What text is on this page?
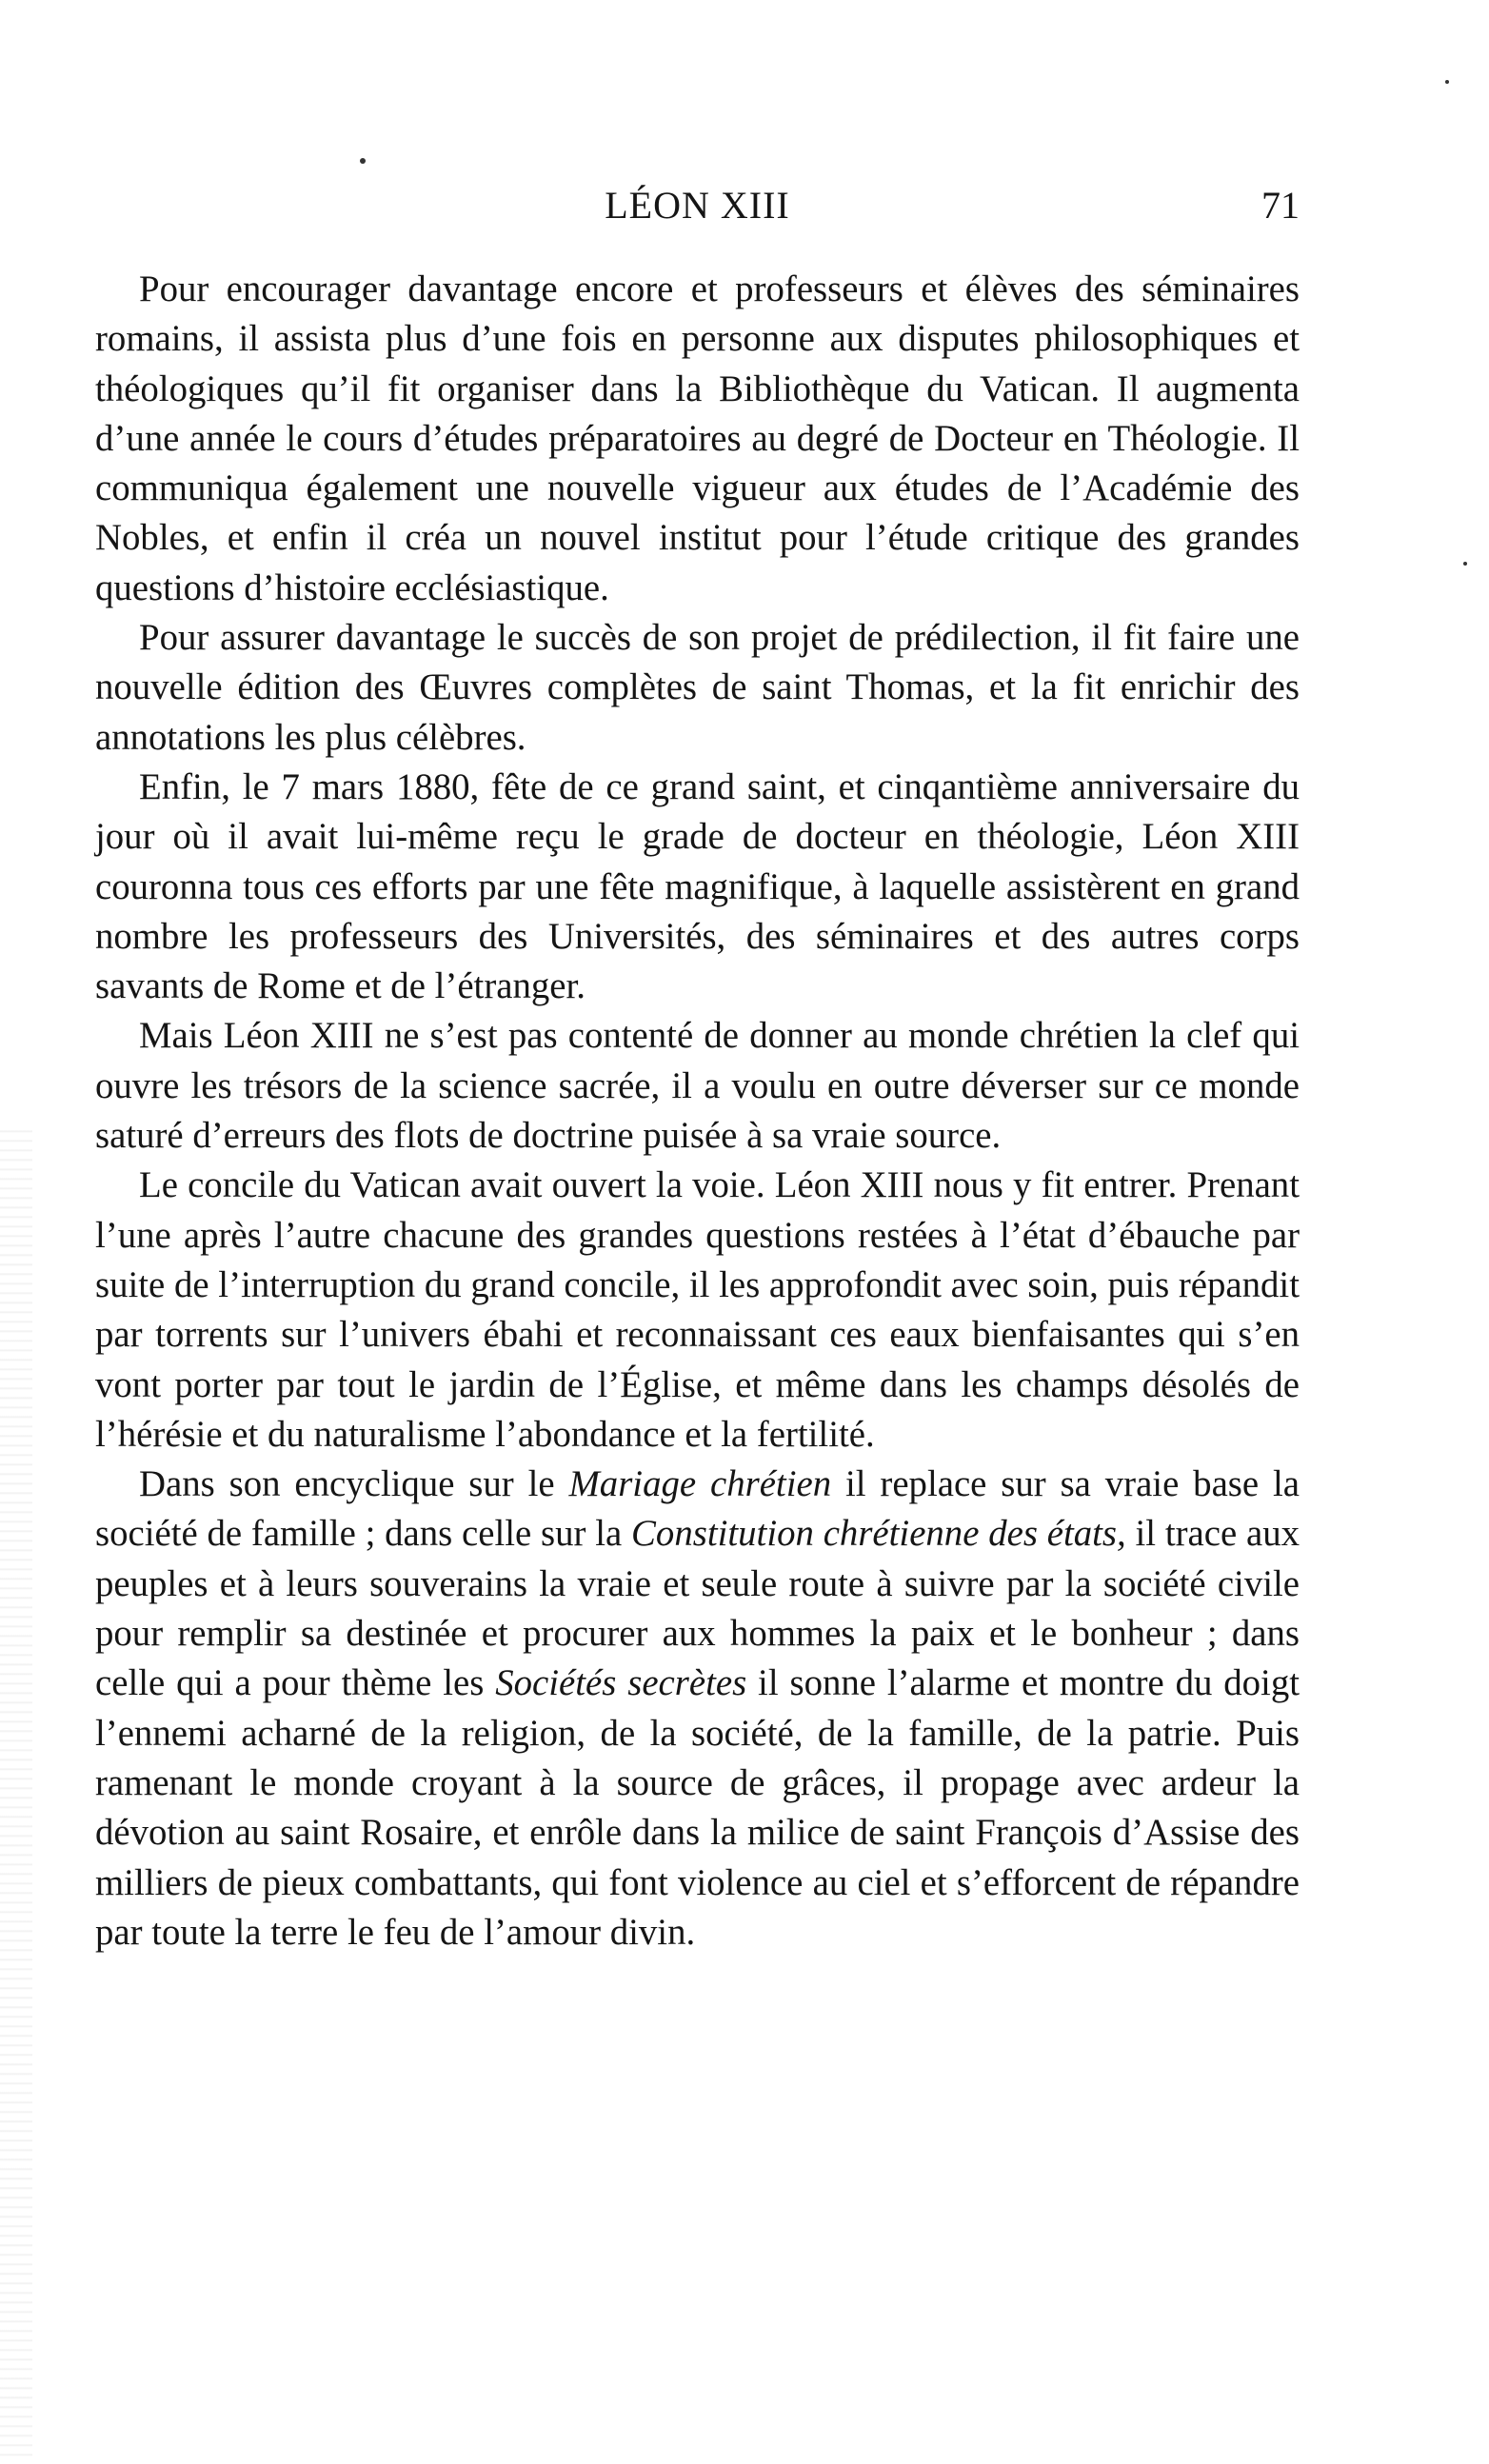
LÉON XIII	71

Pour encourager davantage encore et professeurs et élèves des séminaires romains, il assista plus d’une fois en personne aux disputes philosophiques et théologiques qu’il fit organiser dans la Bibliothèque du Vatican. Il augmenta d’une année le cours d’études préparatoires au degré de Docteur en Théologie. Il communiqua également une nouvelle vigueur aux études de l’Académie des Nobles, et enfin il créa un nouvel institut pour l’étude critique des grandes questions d’histoire ecclésiastique.

Pour assurer davantage le succès de son projet de prédilection, il fit faire une nouvelle édition des Œuvres complètes de saint Thomas, et la fit enrichir des annotations les plus célèbres.

Enfin, le 7 mars 1880, fête de ce grand saint, et cinqantième anniversaire du jour où il avait lui-même reçu le grade de docteur en théologie, Léon XIII couronna tous ces efforts par une fête magnifique, à laquelle assistèrent en grand nombre les professeurs des Universités, des séminaires et des autres corps savants de Rome et de l’étranger.

Mais Léon XIII ne s’est pas contenté de donner au monde chrétien la clef qui ouvre les trésors de la science sacrée, il a voulu en outre déverser sur ce monde saturé d’erreurs des flots de doctrine puisée à sa vraie source.

Le concile du Vatican avait ouvert la voie. Léon XIII nous y fit entrer. Prenant l’une après l’autre chacune des grandes questions restées à l’état d’ébauche par suite de l’interruption du grand concile, il les approfondit avec soin, puis répandit par torrents sur l’univers ébahi et reconnaissant ces eaux bienfaisantes qui s’en vont porter par tout le jardin de l’Église, et même dans les champs désolés de l’hérésie et du naturalisme l’abondance et la fertilité.

Dans son encyclique sur le Mariage chrétien il replace sur sa vraie base la société de famille ; dans celle sur la Constitution chrétienne des états, il trace aux peuples et à leurs souverains la vraie et seule route à suivre par la société civile pour remplir sa destinée et procurer aux hommes la paix et le bonheur ; dans celle qui a pour thème les Sociétés secrètes il sonne l’alarme et montre du doigt l’ennemi acharné de la religion, de la société, de la famille, de la patrie. Puis ramenant le monde croyant à la source de grâces, il propage avec ardeur la dévotion au saint Rosaire, et enrôle dans la milice de saint François d’Assise des milliers de pieux combattants, qui font violence au ciel et s’efforcent de répandre par toute la terre le feu de l’amour divin.
